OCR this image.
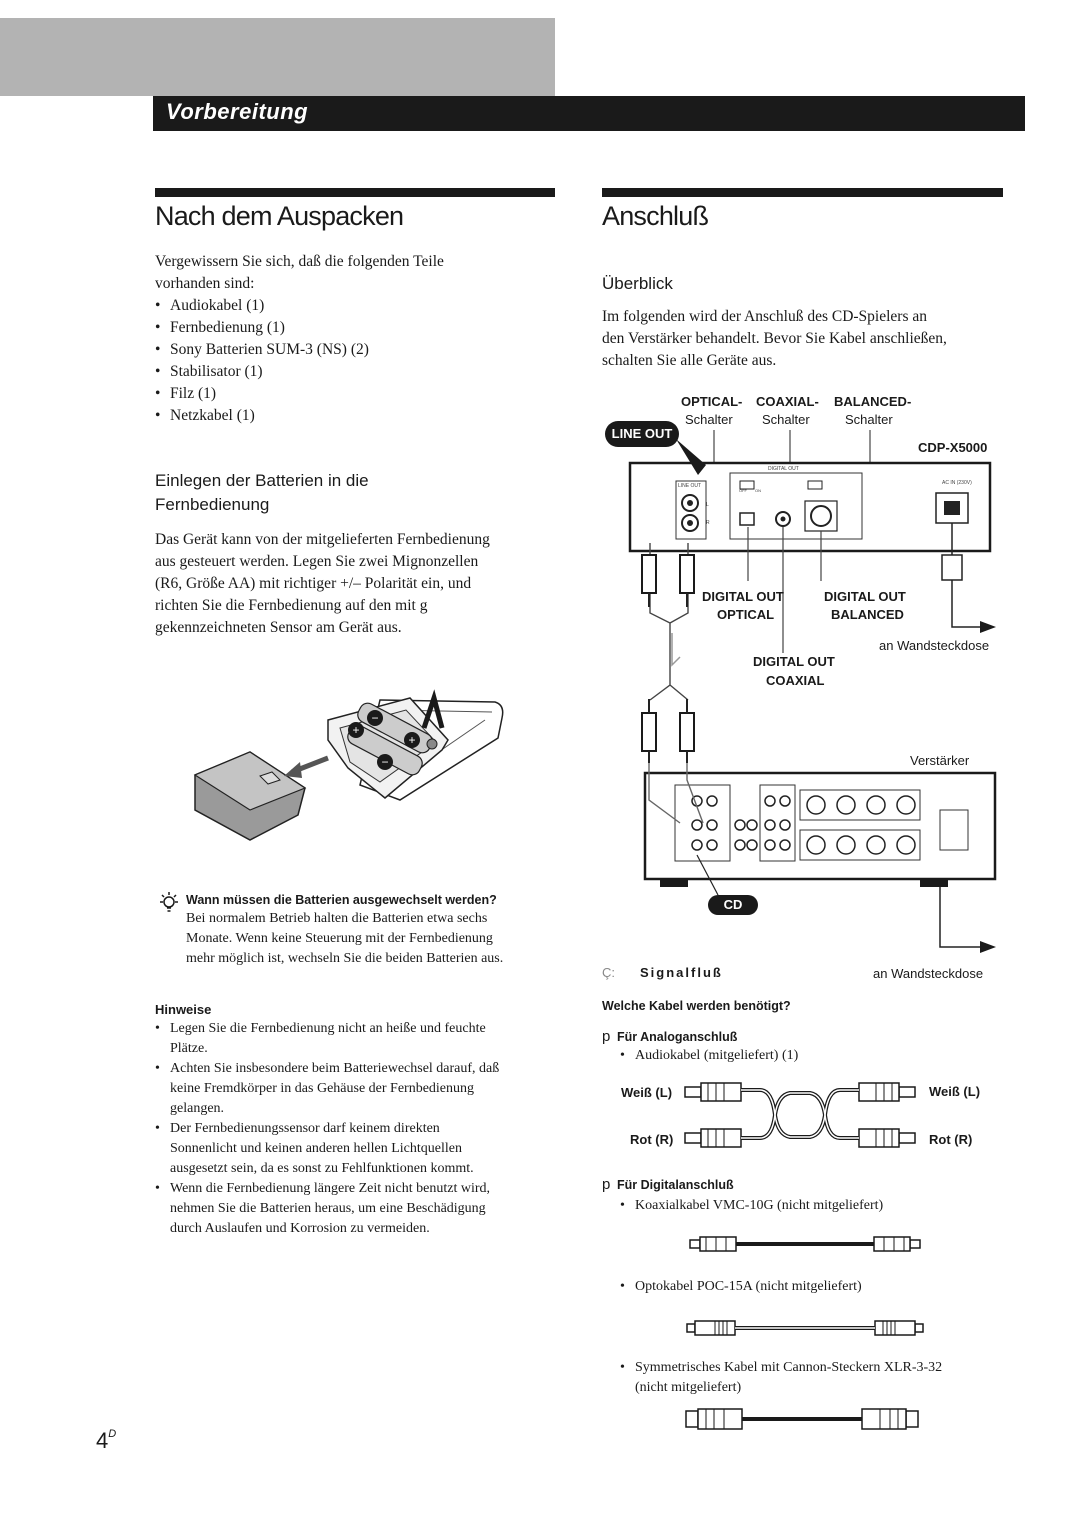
Vorbereitung
Nach dem Auspacken
Vergewissern Sie sich, daß die folgenden Teile
vorhanden sind:
• Audiokabel (1)
• Fernbedienung (1)
• Sony Batterien SUM-3 (NS) (2)
• Stabilisator (1)
• Filz (1)
• Netzkabel (1)
Einlegen der Batterien in die
Fernbedienung
Das Gerät kann von der mitgelieferten Fernbedienung
aus gesteuert werden. Legen Sie zwei Mignonzellen
(R6, Größe AA) mit richtiger +/– Polarität ein, und
richten Sie die Fernbedienung auf den mit g
gekennzeichneten Sensor am Gerät aus.
−
+
+
−
Wann müssen die Batterien ausgewechselt werden?
Bei normalem Betrieb halten die Batterien etwa sechs
Monate. Wenn keine Steuerung mit der Fernbedienung
mehr möglich ist, wechseln Sie die beiden Batterien aus.
Hinweise
• Legen Sie die Fernbedienung nicht an heiße und feuchte
Plätze.
• Achten Sie insbesondere beim Batteriewechsel darauf, daß
keine Fremdkörper in das Gehäuse der Fernbedienung
gelangen.
• Der Fernbedienungssensor darf keinem direkten
Sonnenlicht und keinen anderen hellen Lichtquellen
ausgesetzt sein, da es sonst zu Fehlfunktionen kommt.
• Wenn die Fernbedienung längere Zeit nicht benutzt wird,
nehmen Sie die Batterien heraus, um eine Beschädigung
durch Auslaufen und Korrosion zu vermeiden.
$4^D$
Anschluß
Überblick
Im folgenden wird der Anschluß des CD-Spielers an
den Verstärker behandelt. Bevor Sie Kabel anschließen,
schalten Sie alle Geräte aus.
OPTICAL- COAXIAL- BALANCED-
Schalter Schalter	Schalter
LINE OUT
CDP-X5000
DIGITAL OUT
LINE OUT	AC IN (230V)
L
R
OFF ON
DIGITAL OUT
OPTICAL
DIGITAL OUT
BALANCED
an Wandsteckdose
DIGITAL OUT
COAXIAL
Verstärker
CD
Ç: Signalfluß	an Wandsteckdose
Welche Kabel werden benötigt?
p Für Analoganschluß
• Audiokabel (mitgeliefert) (1)
Weiß (L)	Weiß (L)
Rot (R)	Rot (R)
p Für Digitalanschluß
• Koaxialkabel VMC-10G (nicht mitgeliefert)
• Optokabel POC-15A (nicht mitgeliefert)
• Symmetrisches Kabel mit Cannon-Steckern XLR-3-32
(nicht mitgeliefert)
